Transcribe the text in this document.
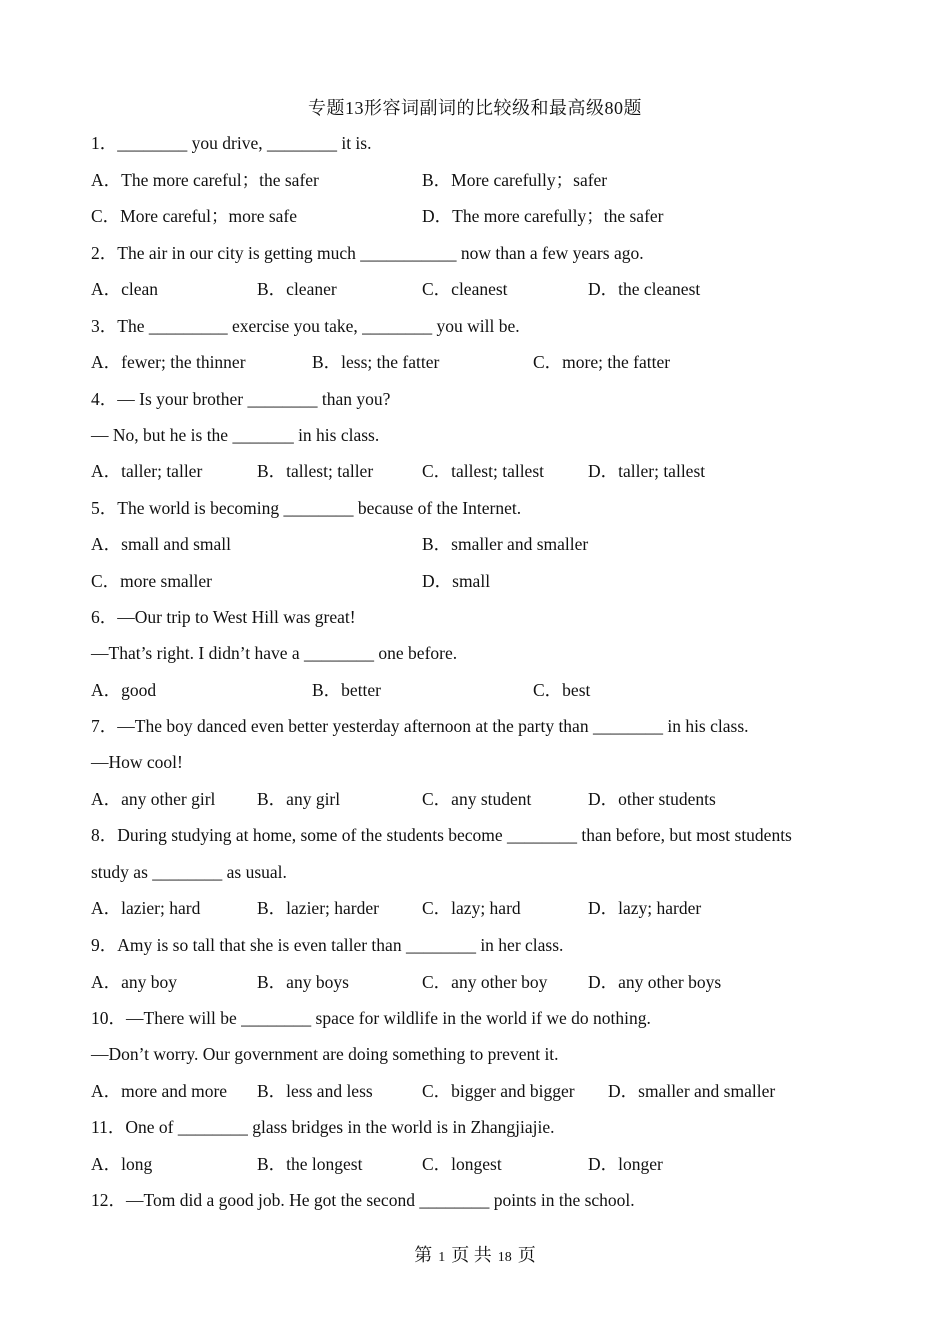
专题13形容词副词的比较级和最高级80题
1．________ you drive, ________ it is.
A．The more careful；the safer	B．More carefully；safer
C．More careful；more safe	D．The more carefully；the safer
2．The air in our city is getting much ___________ now than a few years ago.
A．clean	B．cleaner	C．cleanest	D．the cleanest
3．The _________ exercise you take, ________ you will be.
A．fewer; the thinner	B．less; the fatter	C．more; the fatter
4．— Is your brother ________ than you?
— No, but he is the _______ in his class.
A．taller; taller	B．tallest; taller	C．tallest; tallest	D．taller; tallest
5．The world is becoming ________ because of the Internet.
A．small and small	B．smaller and smaller
C．more smaller	D．small
6．—Our trip to West Hill was great!
—That’s right. I didn’t have a ________ one before.
A．good	B．better	C．best
7．—The boy danced even better yesterday afternoon at the party than ________ in his class.
—How cool!
A．any other girl B．any girl	C．any student	D．other students
8．During studying at home, some of the students become ________ than before, but most students
study as ________ as usual.
A．lazier; hard	B．lazier; harder C．lazy; hard	D．lazy; harder
9．Amy is so tall that she is even taller than ________ in her class.
A．any boy	B．any boys	C．any other boy D．any other boys
10．—There will be ________ space for wildlife in the world if we do nothing.
—Don’t worry. Our government are doing something to prevent it.
A．more and more B．less and less	C．bigger and bigger D．smaller and smaller
11．One of ________ glass bridges in the world is in Zhangjiajie.
A．long	B．the longest	C．longest	D．longer
12．—Tom did a good job. He got the second ________ points in the school.
第 1 页 共 18 页
